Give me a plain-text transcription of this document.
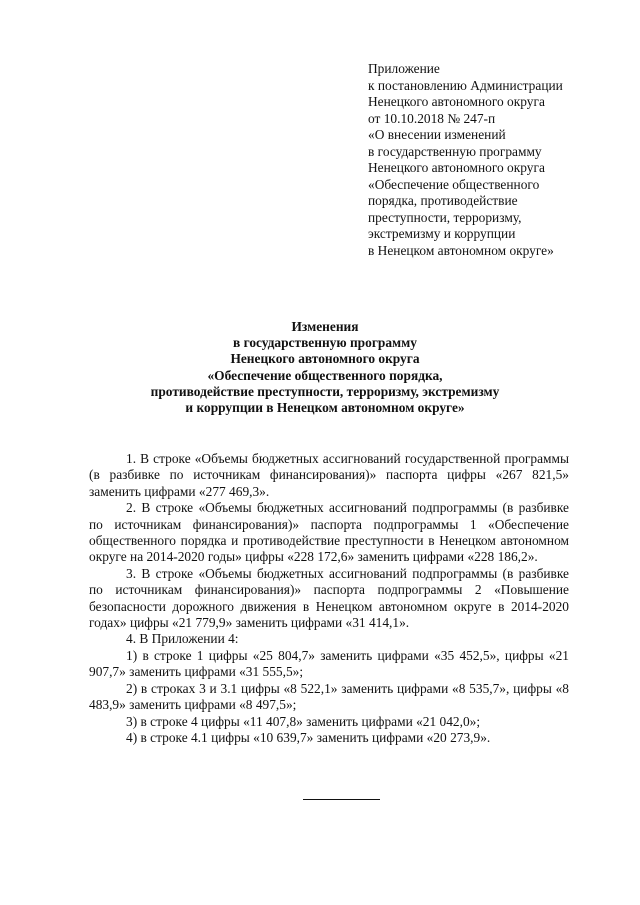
Приложение
к постановлению Администрации
Ненецкого автономного округа
от 10.10.2018 № 247-п
«О внесении изменений
в государственную программу
Ненецкого автономного округа
«Обеспечение общественного
порядка, противодействие
преступности, терроризму,
экстремизму и коррупции
в Ненецком автономном округе»
Изменения
в государственную программу
Ненецкого автономного округа
«Обеспечение общественного порядка,
противодействие преступности, терроризму, экстремизму
и коррупции в Ненецком автономном округе»

1. В строке «Объемы бюджетных ассигнований государственной программы (в разбивке по источникам финансирования)» паспорта цифры «267 821,5» заменить цифрами «277 469,3».

2. В строке «Объемы бюджетных ассигнований подпрограммы (в разбивке по источникам финансирования)» паспорта подпрограммы 1 «Обеспечение общественного порядка и противодействие преступности в Ненецком автономном округе на 2014-2020 годы» цифры «228 172,6» заменить цифрами «228 186,2».

3. В строке «Объемы бюджетных ассигнований подпрограммы (в разбивке по источникам финансирования)» паспорта подпрограммы 2 «Повышение безопасности дорожного движения в Ненецком автономном округе в 2014-2020 годах» цифры «21 779,9» заменить цифрами «31 414,1».

4. В Приложении 4:

1) в строке 1 цифры «25 804,7» заменить цифрами «35 452,5», цифры «21 907,7» заменить цифрами «31 555,5»;

2) в строках 3 и 3.1 цифры «8 522,1» заменить цифрами «8 535,7», цифры «8 483,9» заменить цифрами «8 497,5»;

3) в строке 4 цифры «11 407,8» заменить цифрами «21 042,0»;

4) в строке 4.1 цифры «10 639,7» заменить цифрами «20 273,9».
